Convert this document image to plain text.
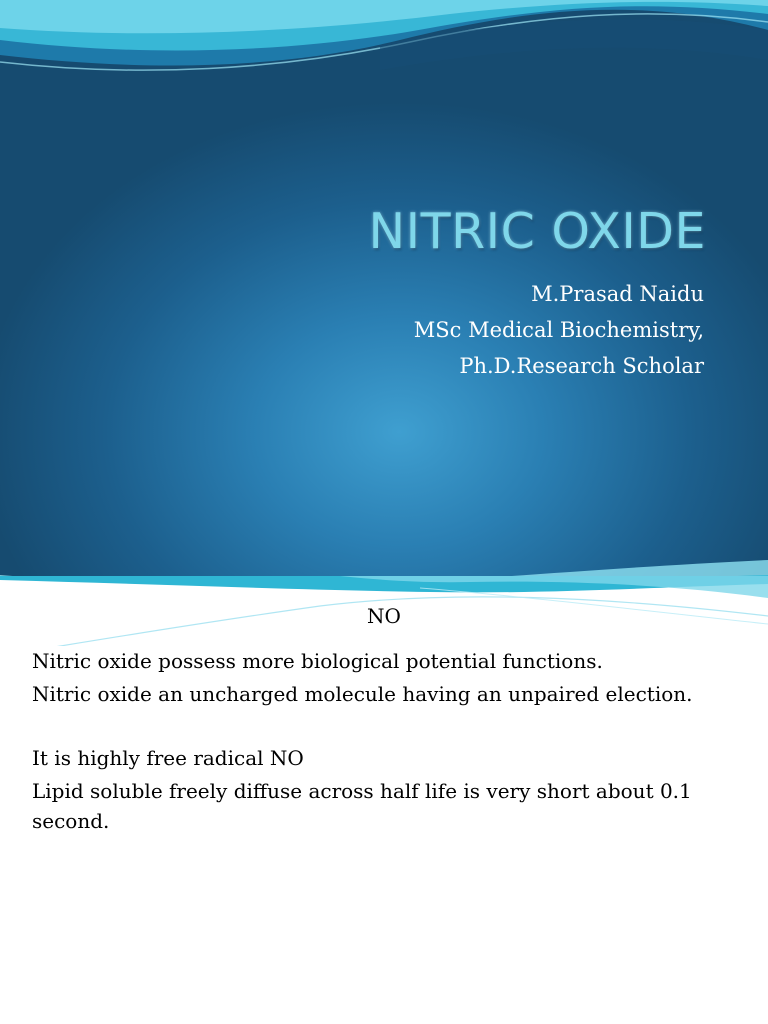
NITRIC OXIDE
M.Prasad Naidu
MSc Medical Biochemistry,
Ph.D.Research Scholar
NO

Nitric oxide possess more biological potential functions.

Nitric oxide an uncharged molecule having an unpaired election.

It is highly free radical NO

Lipid soluble freely diffuse across half life is very short about 0.1 second.
